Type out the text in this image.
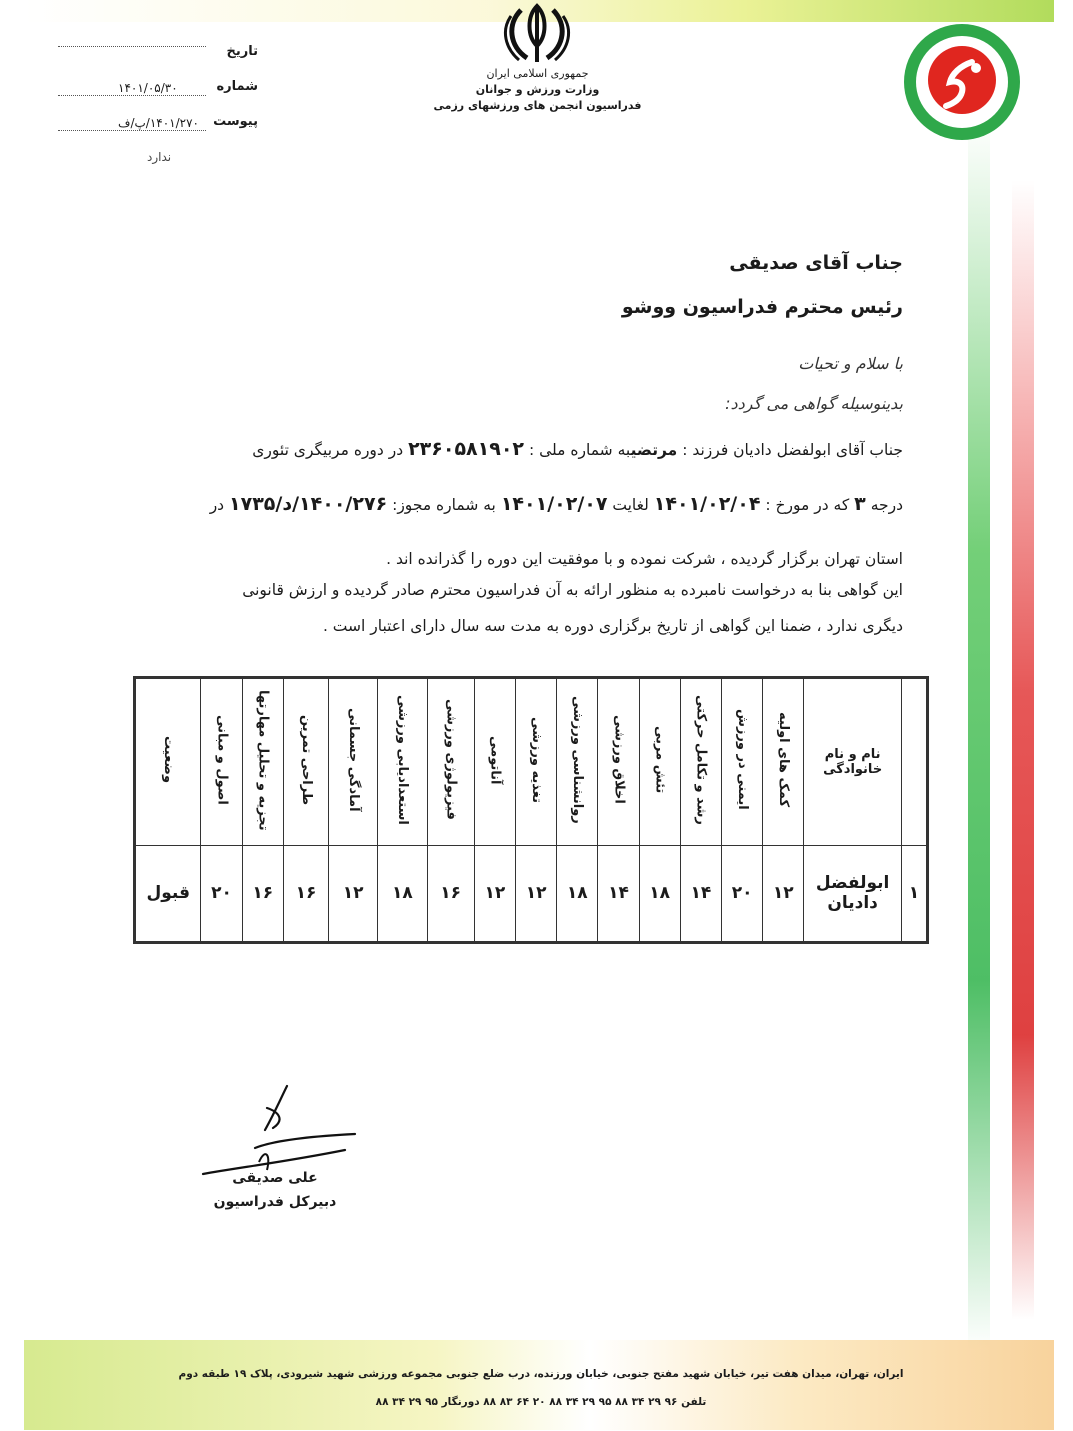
تاریخ
شماره
۱۴۰۱/۰۵/۳۰
پیوست
۱۴۰۱/۲۷۰/پ/ف
ندارد
جمهوری اسلامی ایران
وزارت ورزش و جوانان
فدراسیون انجمن های ورزشهای رزمی
جناب آقای صدیقی
رئیس محترم فدراسیون ووشو
با سلام و تحیات
بدینوسیله گواهی می گردد:
جناب آقای ابولفضل دادیان فرزند : مرتضیبه شماره ملی : ۲۳۶۰۵۸۱۹۰۲ در دوره مربیگری تئوری
درجه ۳ که در مورخ : ۱۴۰۱/۰۲/۰۴ لغایت ۱۴۰۱/۰۲/۰۷ به شماره مجوز: ۱۴۰۰/۲۷۶/د/۱۷۳۵ در
استان تهران برگزار گردیده ، شرکت نموده و با موفقیت این دوره را گذرانده اند .
این گواهی بنا به درخواست نامبرده به منظور ارائه به آن فدراسیون محترم صادر گردیده و ارزش قانونی
دیگری ندارد ، ضمنا این گواهی از تاریخ برگزاری دوره به مدت سه سال دارای اعتبار است .
	نام و نام خانوادگی	کمک های اولیه	ایمنی در ورزش	رشد و تکامل حرکتی	تئش مربی	اخلاق ورزشی	روانشناسی ورزشی	تغذیه ورزشی	آناتومی	فیزیولوژی ورزشی	استعدادیابی ورزشی	آمادگی جسمانی	طراحی تمرین	تجزیه و تحلیل مهارتها	اصول و مبانی	وضعیت
۱	ابولفضل دادیان	۱۲	۲۰	۱۴	۱۸	۱۴	۱۸	۱۲	۱۲	۱۶	۱۸	۱۲	۱۶	۱۶	۲۰	قبول
علی صدیقی
دبیرکل فدراسیون
ایران، تهران، میدان هفت تیر، خیابان شهید مفتح جنوبی، خیابان ورزنده، درب ضلع جنوبی مجموعه ورزشی شهید شیرودی، پلاک ۱۹ طبقه دوم
تلفن ۹۶ ۲۹ ۳۴ ۸۸ ۹۵ ۲۹ ۳۴ ۸۸ ۲۰ ۶۴ ۸۳ ۸۸ دورنگار ۹۵ ۲۹ ۳۴ ۸۸
